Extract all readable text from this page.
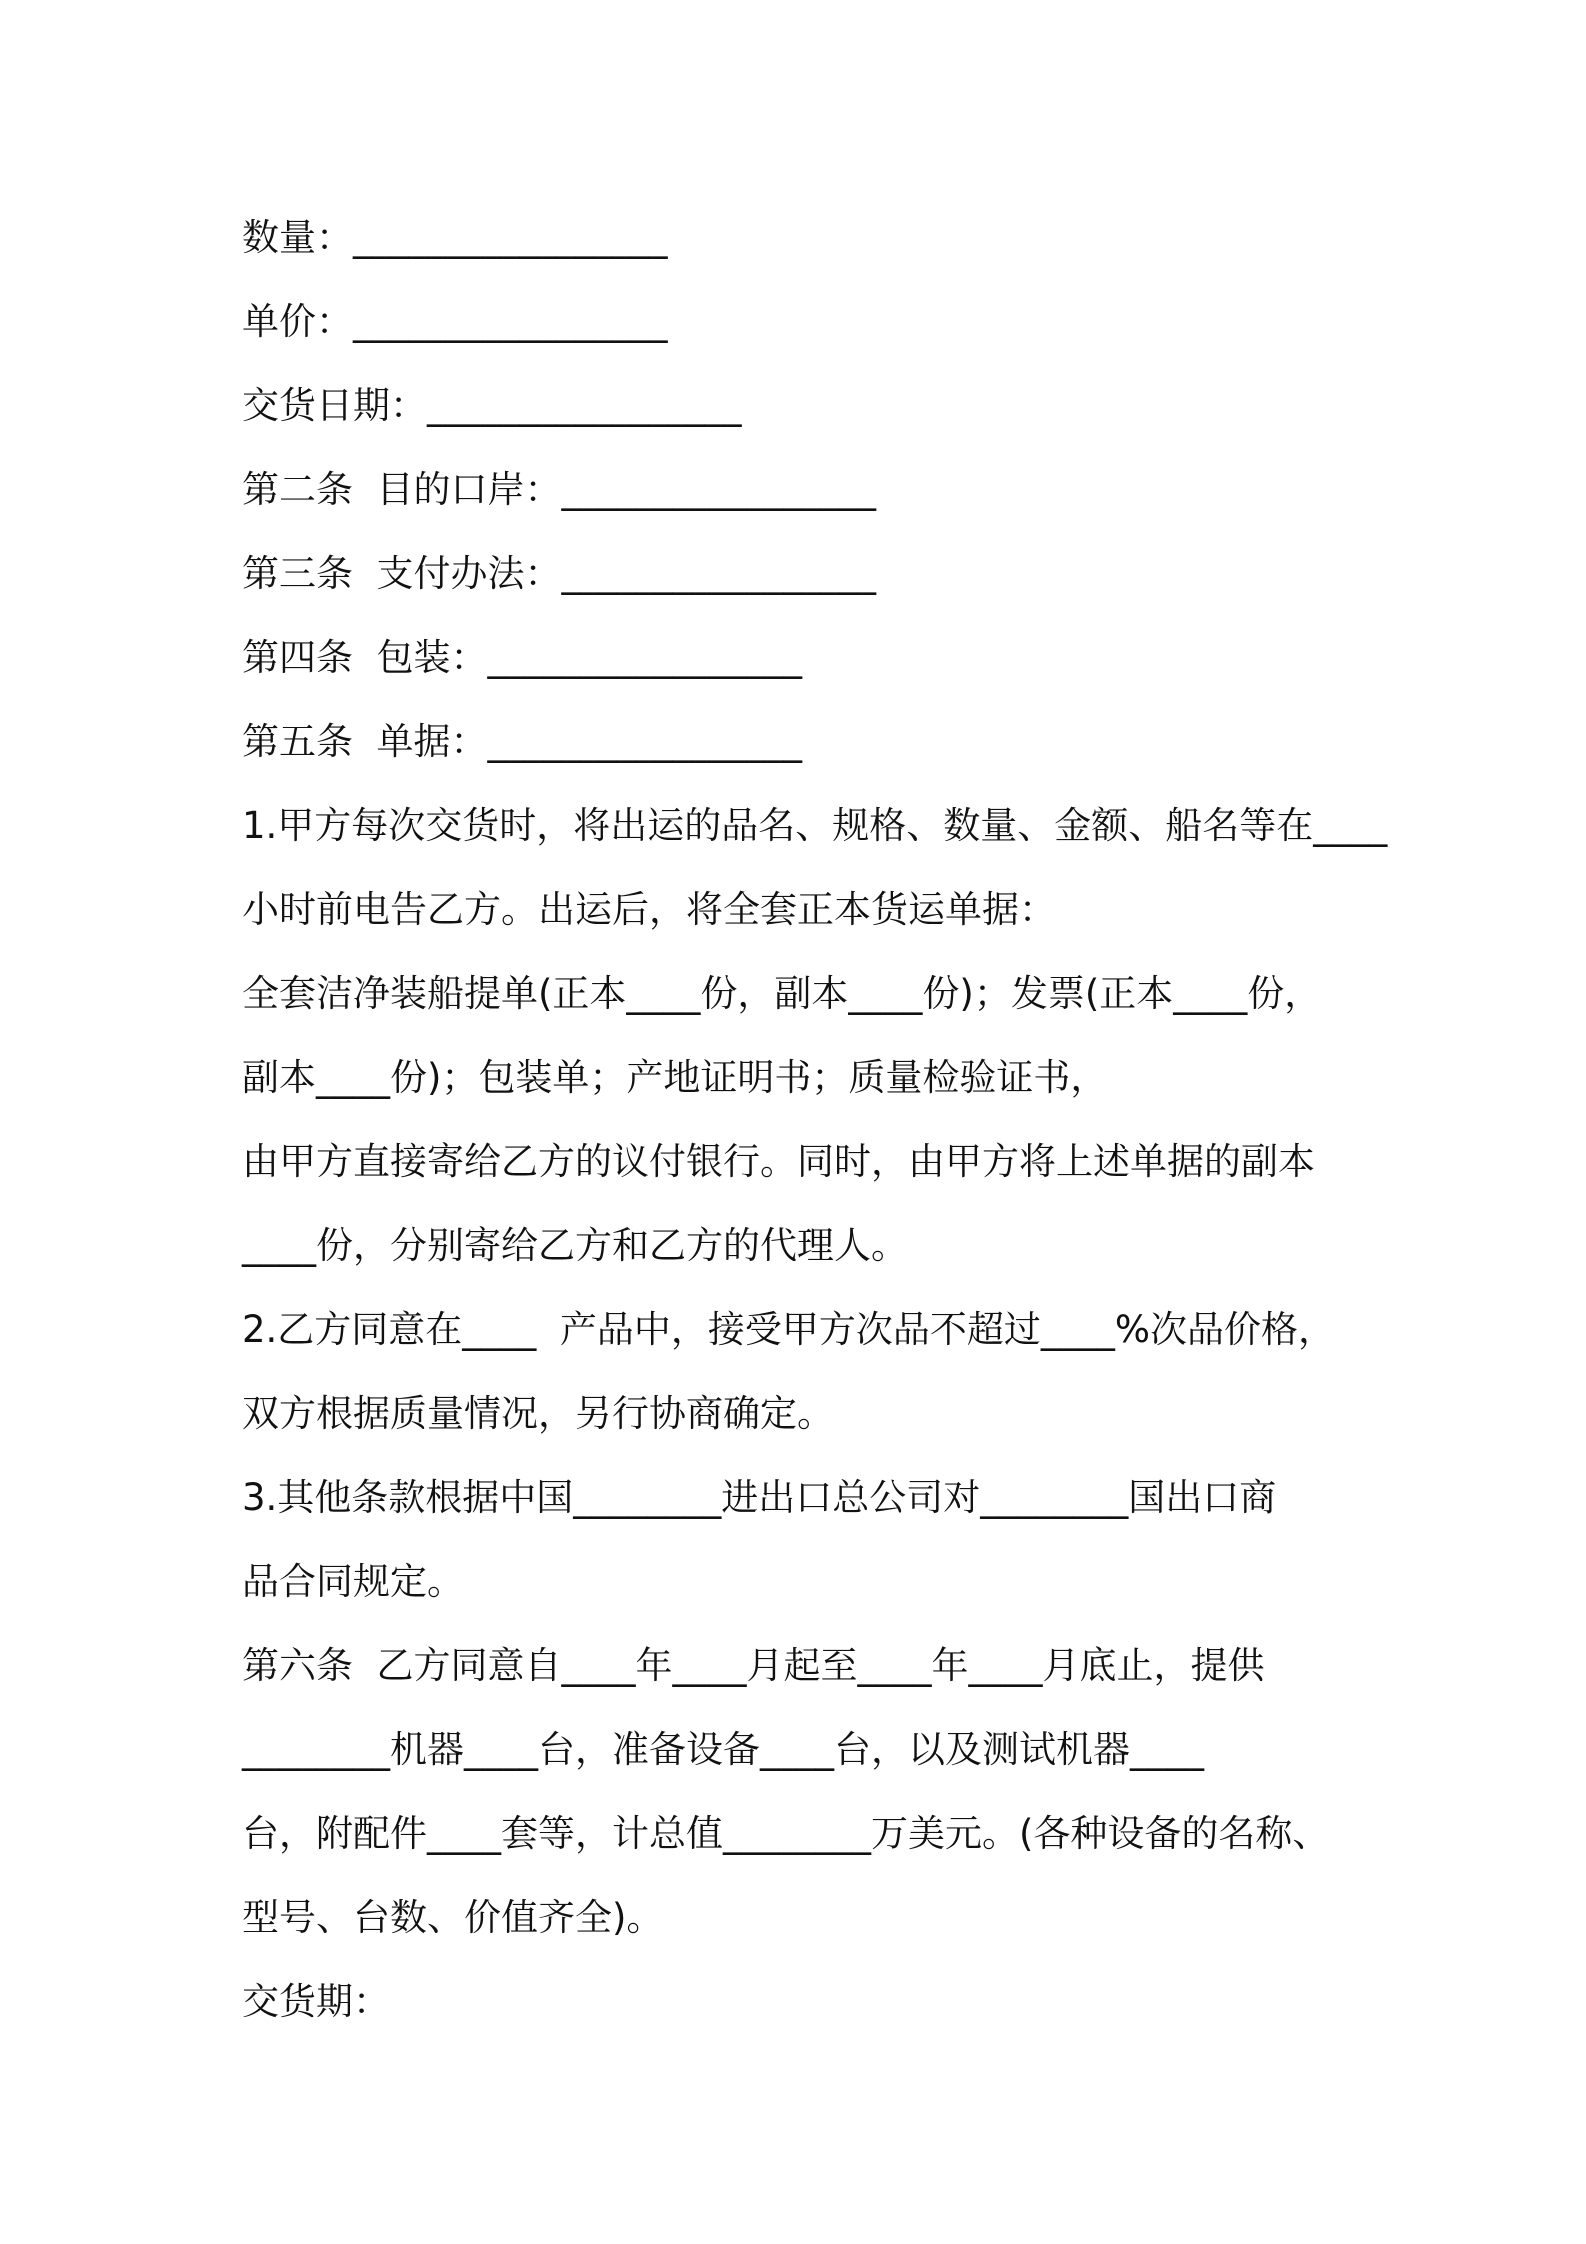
数量：_________________
单价：_________________
交货日期：_________________
第二条  目的口岸：_________________
第三条  支付办法：_________________
第四条  包装：_________________
第五条  单据：_________________
1.甲方每次交货时，将出运的品名、规格、数量、金额、船名等在____
小时前电告乙方。出运后，将全套正本货运单据：
全套洁净装船提单(正本____份，副本____份)；发票(正本____份，
副本____份)；包装单；产地证明书；质量检验证书，
由甲方直接寄给乙方的议付银行。同时，由甲方将上述单据的副本
____份，分别寄给乙方和乙方的代理人。
2.乙方同意在____  产品中，接受甲方次品不超过____%次品价格，
双方根据质量情况，另行协商确定。
3.其他条款根据中国________进出口总公司对________国出口商
品合同规定。
第六条  乙方同意自____年____月起至____年____月底止，提供
________机器____台，准备设备____台，以及测试机器____
台，附配件____套等，计总值________万美元。(各种设备的名称、
型号、台数、价值齐全)。
交货期：
